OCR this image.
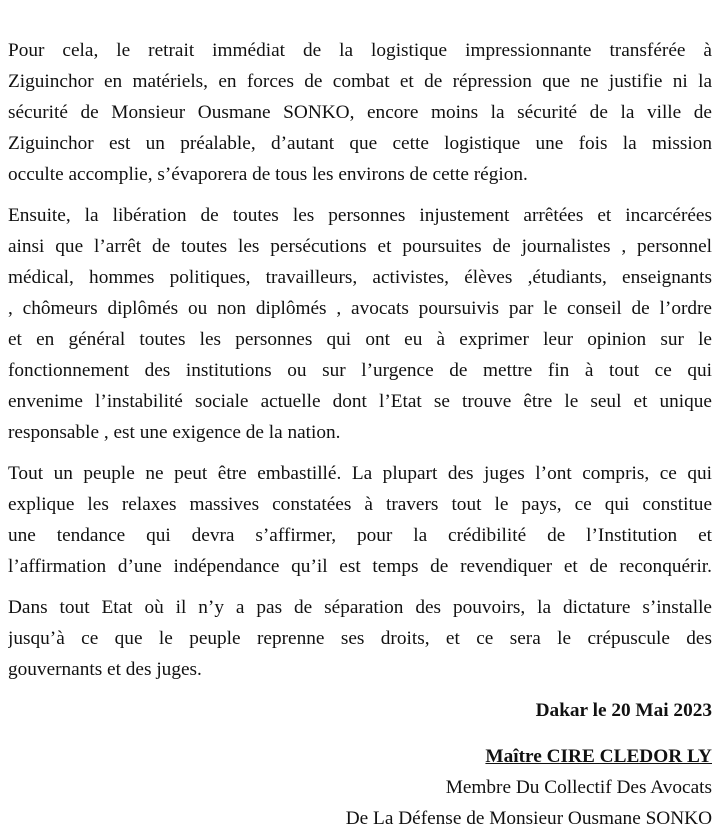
Pour cela, le retrait immédiat de la logistique impressionnante transférée à
Ziguinchor en matériels, en forces de combat et de répression que ne justifie ni la
sécurité de Monsieur Ousmane SONKO, encore moins la sécurité de la ville de
Ziguinchor est un préalable, d’autant que cette logistique une fois la mission
occulte accomplie, s’évaporera de tous les environs de cette région.
Ensuite, la libération de toutes les personnes injustement arrêtées et incarcérées
ainsi que l’arrêt de toutes les persécutions et poursuites de journalistes , personnel
médical, hommes politiques, travailleurs, activistes, élèves ,étudiants, enseignants
, chômeurs diplômés ou non diplômés , avocats poursuivis par le conseil de l’ordre
et en général toutes les personnes qui ont eu à exprimer leur opinion sur le
fonctionnement des institutions ou sur l’urgence de mettre fin à tout ce qui
envenime l’instabilité sociale actuelle dont l’Etat se trouve être le seul et unique
responsable , est une exigence de la nation.
Tout un peuple ne peut être embastillé. La plupart des juges l’ont compris, ce qui
explique les relaxes massives constatées à travers tout le pays, ce qui constitue
une tendance qui devra s’affirmer, pour la crédibilité de l’Institution et
l’affirmation d’une indépendance qu’il est temps de revendiquer et de reconquérir.
Dans tout Etat où il n’y a pas de séparation des pouvoirs, la dictature s’installe
jusqu’à ce que le peuple reprenne ses droits, et ce sera le crépuscule des
gouvernants et des juges.
Dakar le 20 Mai 2023
Maître CIRE CLEDOR LY
Membre Du Collectif Des Avocats
De La Défense de Monsieur Ousmane SONKO
